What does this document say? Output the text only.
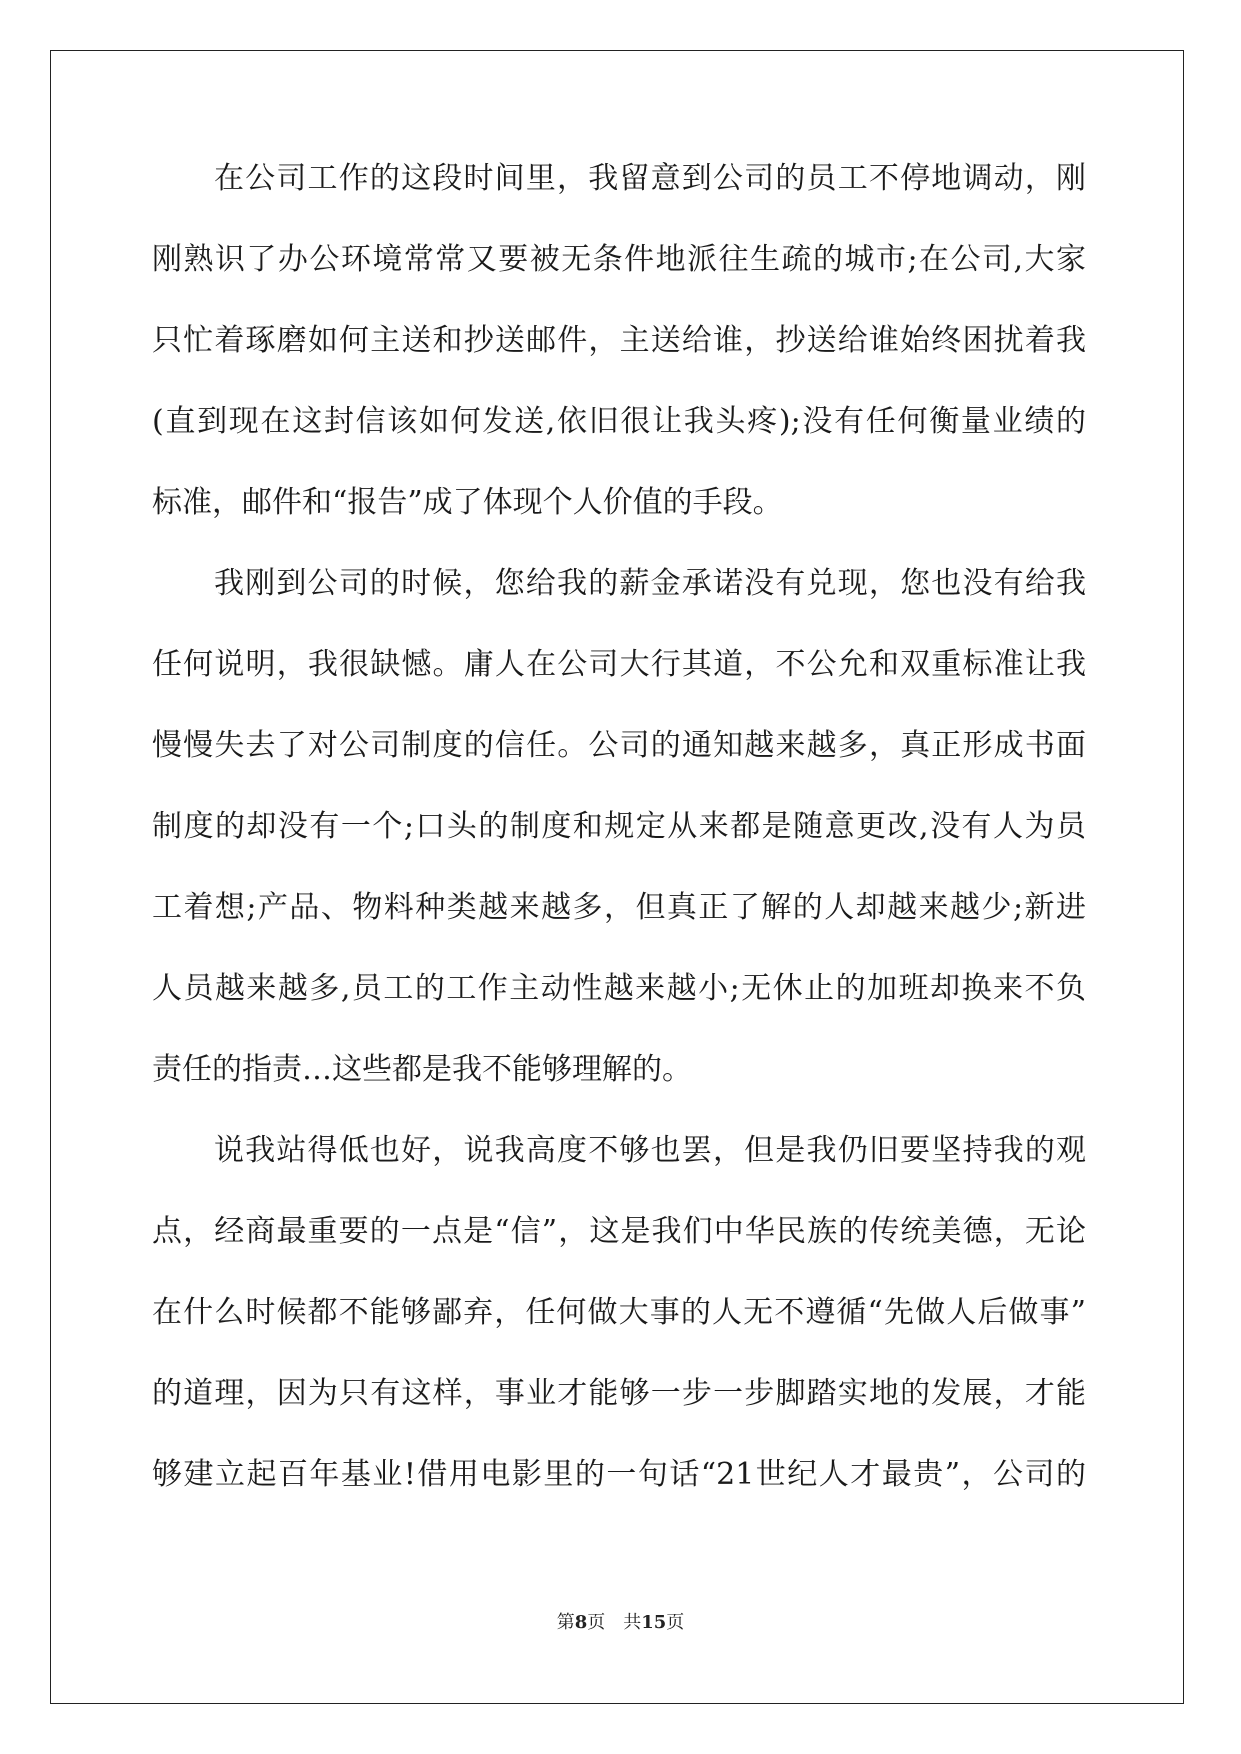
在公司工作的这段时间里，我留意到公司的员工不停地调动，刚
刚熟识了办公环境常常又要被无条件地派往生疏的城市;在公司,大家
只忙着琢磨如何主送和抄送邮件，主送给谁，抄送给谁始终困扰着我
(直到现在这封信该如何发送,依旧很让我头疼);没有任何衡量业绩的
标准，邮件和“报告”成了体现个人价值的手段。
我刚到公司的时候，您给我的薪金承诺没有兑现，您也没有给我
任何说明，我很缺憾。庸人在公司大行其道，不公允和双重标准让我
慢慢失去了对公司制度的信任。公司的通知越来越多，真正形成书面
制度的却没有一个;口头的制度和规定从来都是随意更改,没有人为员
工着想;产品、物料种类越来越多，但真正了解的人却越来越少;新进
人员越来越多,员工的工作主动性越来越小;无休止的加班却换来不负
责任的指责…这些都是我不能够理解的。
说我站得低也好，说我高度不够也罢，但是我仍旧要坚持我的观
点，经商最重要的一点是“信”，这是我们中华民族的传统美德，无论
在什么时候都不能够鄙弃，任何做大事的人无不遵循“先做人后做事”
的道理，因为只有这样，事业才能够一步一步脚踏实地的发展，才能
够建立起百年基业!借用电影里的一句话“21世纪人才最贵”，公司的
第8页 共15页
